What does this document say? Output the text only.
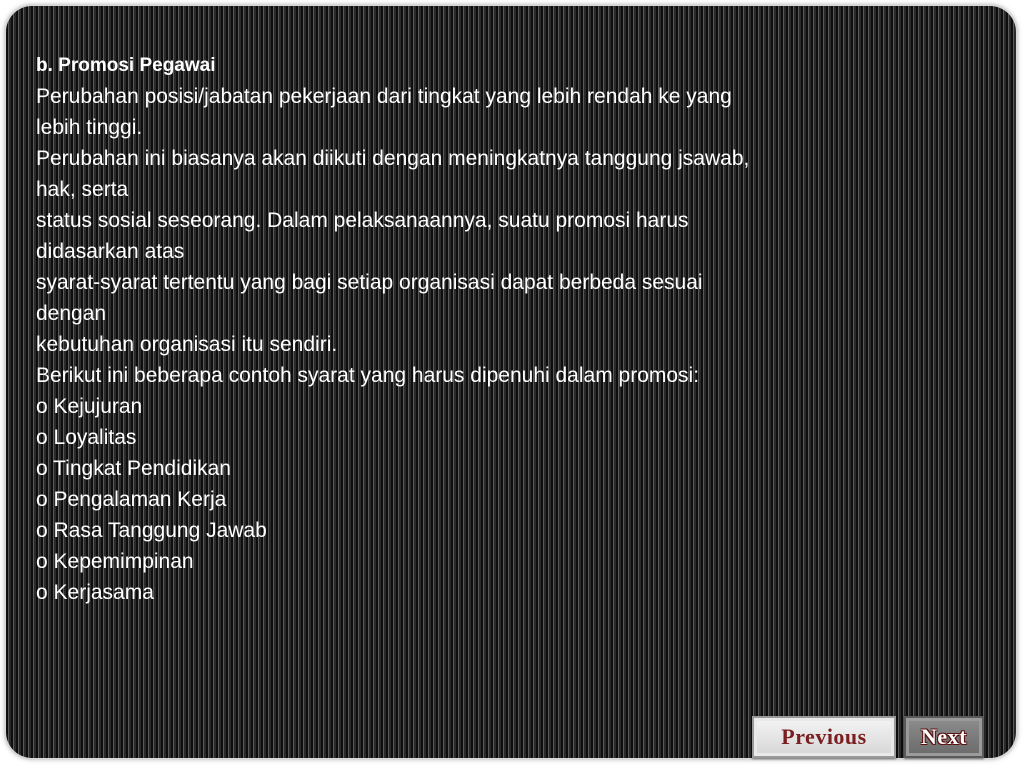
b. Promosi Pegawai
Perubahan posisi/jabatan pekerjaan dari tingkat yang lebih rendah ke yang
lebih tinggi.
Perubahan ini biasanya akan diikuti dengan meningkatnya tanggung jsawab,
hak, serta
status sosial seseorang. Dalam pelaksanaannya, suatu promosi harus
didasarkan atas
syarat-syarat tertentu yang bagi setiap organisasi dapat berbeda sesuai
dengan
kebutuhan organisasi itu sendiri.
Berikut ini beberapa contoh syarat yang harus dipenuhi dalam promosi:
o Kejujuran
o Loyalitas
o Tingkat Pendidikan
o Pengalaman Kerja
o Rasa Tanggung Jawab
o Kepemimpinan
o Kerjasama
Previous	Next
